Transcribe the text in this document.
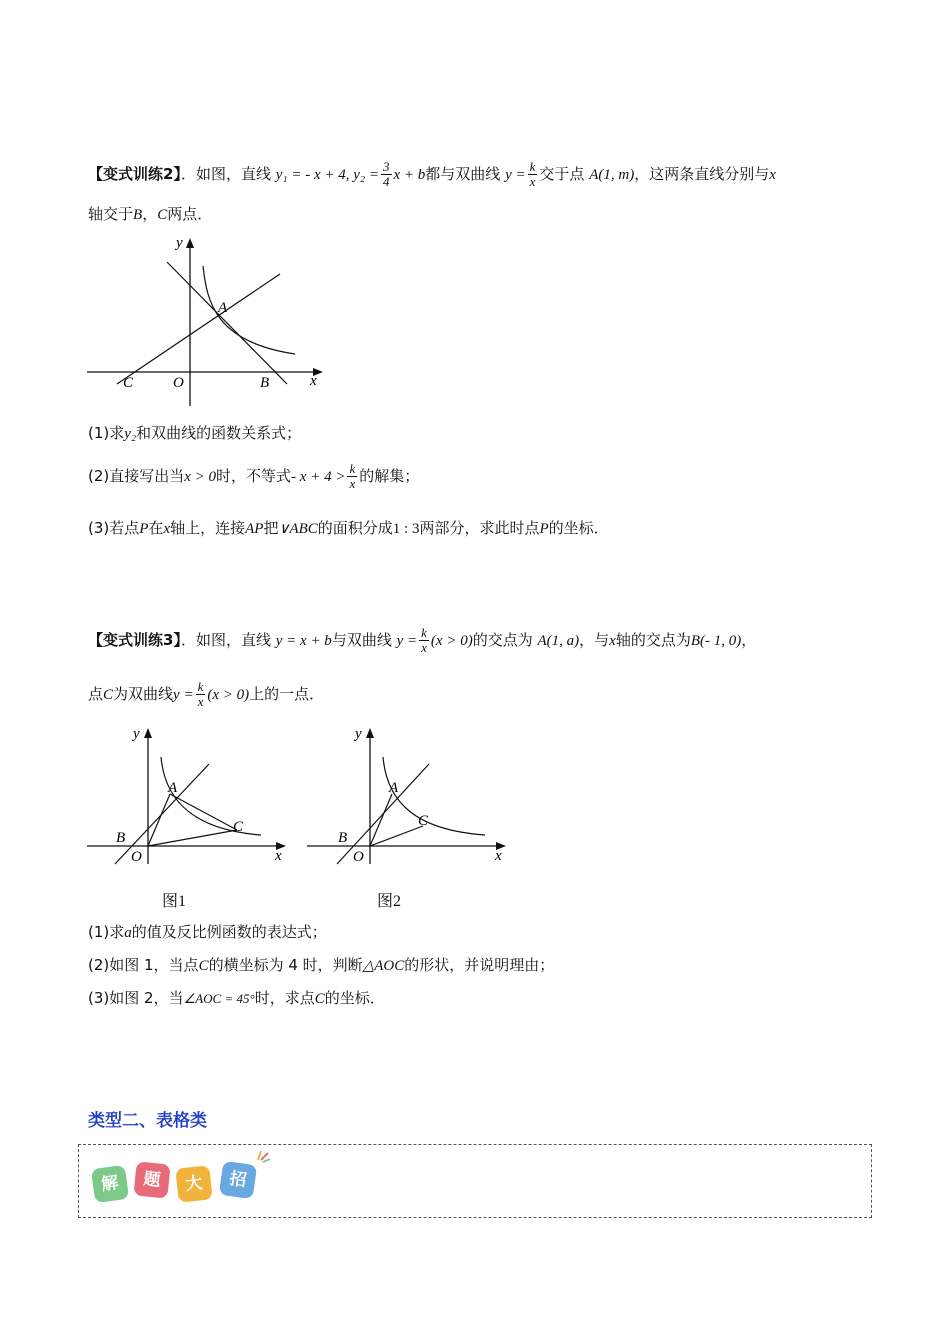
【变式训练2】．如图，直线 y₁ = - x + 4, $y_2 = \frac{3}{4}$ x + b都与双曲线 $y = \frac{k}{x}$ 交于点 A(1, m)，这两条直线分别与x
轴交于B，C两点．
y
A
C	O	B	x
(1)求y₂和双曲线的函数关系式；
(2)直接写出当x > 0时，不等式- $x + 4 > \frac{k}{x}$ 的解集；
(3)若点P在x轴上，连接AP把∨ABC的面积分成1 : 3两部分，求此时点P的坐标．
【变式训练3】．如图，直线 y = x + b与双曲线 $y = \frac{k}{x} (x > 0)$的交点为 A(1, a)，与x轴的交点为B(- 1, 0)，
点C为双曲线$y = \frac{k}{x} (x > 0)$上的一点．
y
A
B
C
O	x
图1
y
A
B
C
O	x
图2
(1)求a的值及反比例函数的表达式；
(2)如图 1，当点C的横坐标为 4 时，判断△AOC的形状，并说明理由；
(3)如图 2，当∠AOC = 45°时，求点C的坐标．
类型二、表格类
解	题	大	招
